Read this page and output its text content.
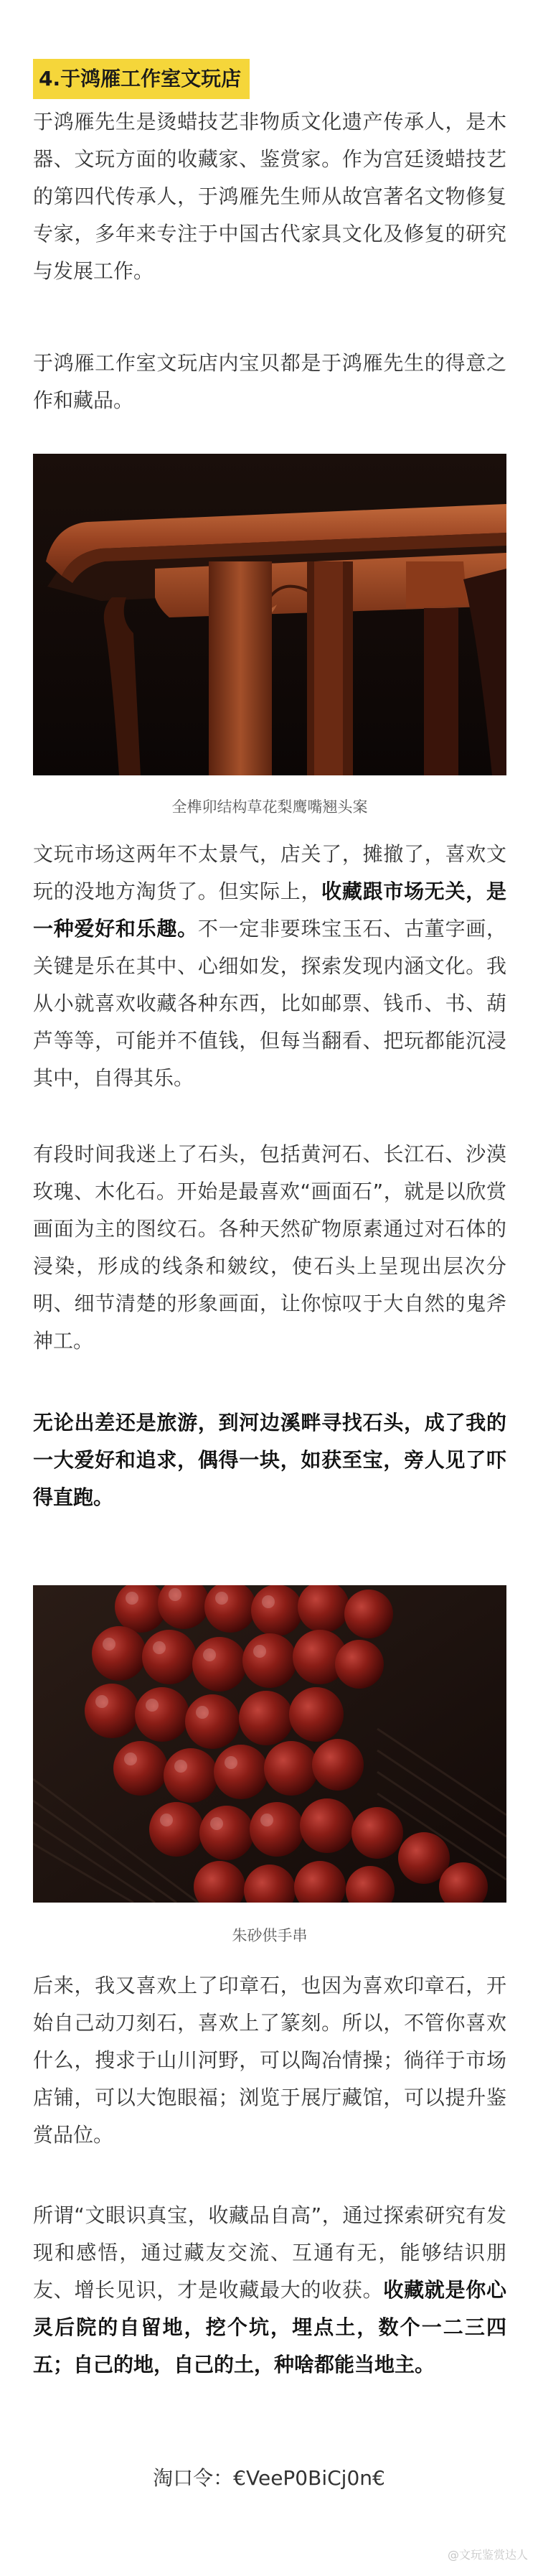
4.于鸿雁工作室文玩店

于鸿雁先生是烫蜡技艺非物质文化遗产传承人，是木器、文玩方面的收藏家、鉴赏家。作为宫廷烫蜡技艺的第四代传承人，于鸿雁先生师从故宫著名文物修复专家，多年来专注于中国古代家具文化及修复的研究与发展工作。

于鸿雁工作室文玩店内宝贝都是于鸿雁先生的得意之作和藏品。

全榫卯结构草花梨鹰嘴翘头案

文玩市场这两年不太景气，店关了，摊撤了，喜欢文玩的没地方淘货了。但实际上，收藏跟市场无关，是一种爱好和乐趣。不一定非要珠宝玉石、古董字画，关键是乐在其中、心细如发，探索发现内涵文化。我从小就喜欢收藏各种东西，比如邮票、钱币、书、葫芦等等，可能并不值钱，但每当翻看、把玩都能沉浸其中，自得其乐。

有段时间我迷上了石头，包括黄河石、长江石、沙漠玫瑰、木化石。开始是最喜欢“画面石”，就是以欣赏画面为主的图纹石。各种天然矿物原素通过对石体的浸染，形成的线条和皴纹，使石头上呈现出层次分明、细节清楚的形象画面，让你惊叹于大自然的鬼斧神工。

无论出差还是旅游，到河边溪畔寻找石头，成了我的一大爱好和追求，偶得一块，如获至宝，旁人见了吓得直跑。

朱砂供手串

后来，我又喜欢上了印章石，也因为喜欢印章石，开始自己动刀刻石，喜欢上了篆刻。所以，不管你喜欢什么，搜求于山川河野，可以陶冶情操；徜徉于市场店铺，可以大饱眼福；浏览于展厅藏馆，可以提升鉴赏品位。

所谓“文眼识真宝，收藏品自高”，通过探索研究有发现和感悟，通过藏友交流、互通有无，能够结识朋友、增长见识，才是收藏最大的收获。收藏就是你心灵后院的自留地，挖个坑，埋点土，数个一二三四五；自己的地，自己的土，种啥都能当地主。

淘口令：€VeeP0BiCj0n€

@文玩鉴赏达人
